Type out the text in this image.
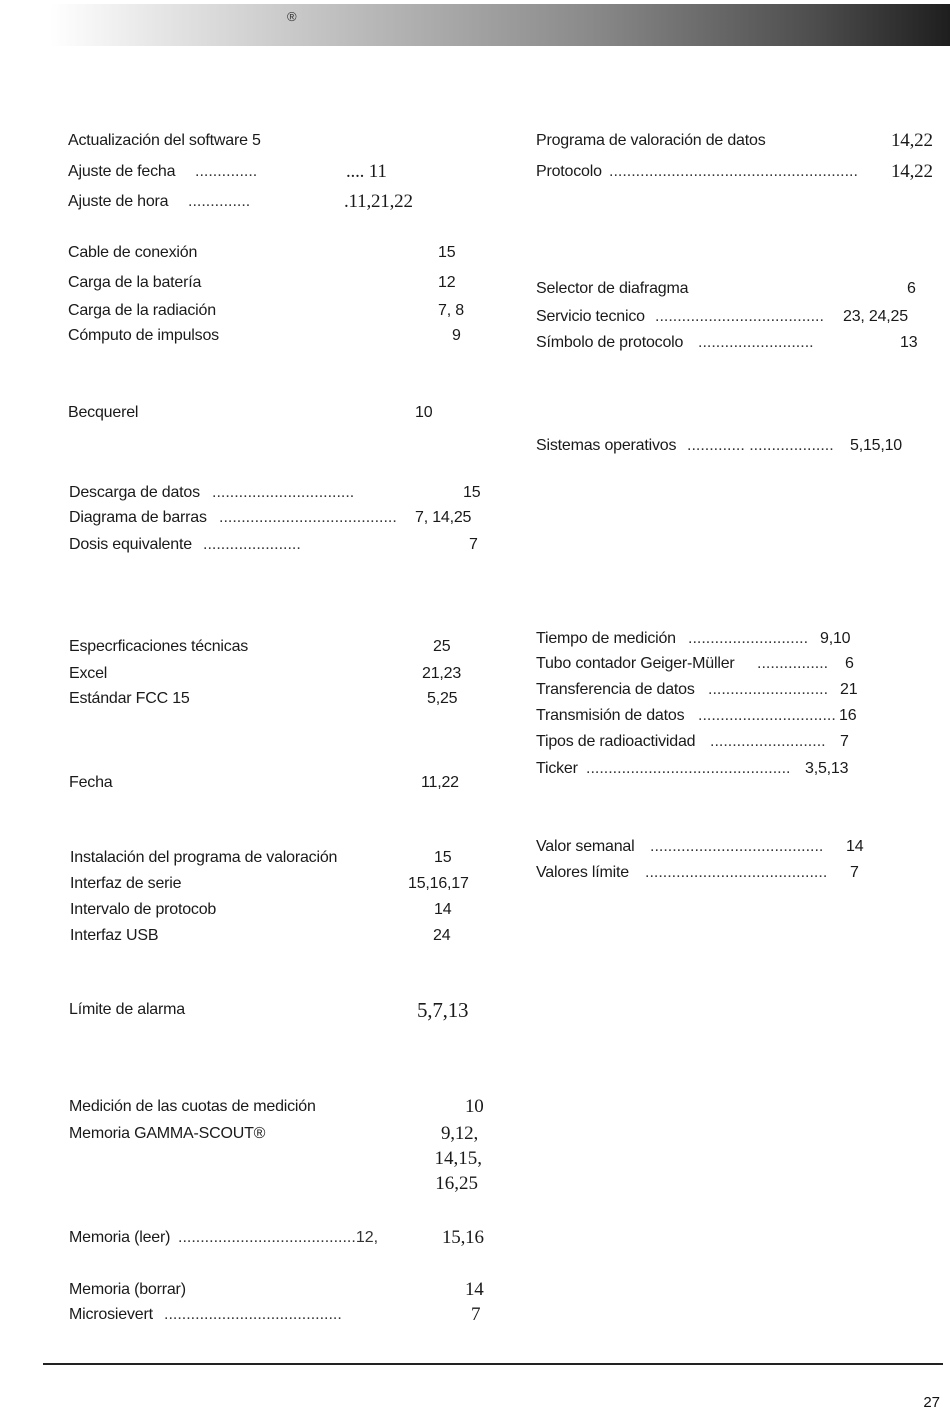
®
Actualización del software 5
Ajuste de fecha ..............	.... 11
Ajuste de hora ..............	.11,21,22
Cable de conexión	15
Carga de la batería	12
Carga de la radiación	7, 8
Cómputo de impulsos	9
Becquerel	10
Descarga de datos ................................	15
Diagrama de barras ........................................	7, 14,25
Dosis equivalente ......................	7
Especrficaciones técnicas	25
Excel	21,23
Estándar FCC 15	5,25
Fecha	11,22
Instalación del programa de valoración	15
Interfaz de serie	15,16,17
Intervalo de protocob	14
Interfaz USB	24
Límite de alarma	5,7,13
Medición de las cuotas de medición	10
Memoria GAMMA-SCOUT®	9,12,
14,15,
16,25
Memoria (leer) ........................................12,	15,16
Memoria (borrar)	14
Microsievert ........................................	7
Programa de valoración de datos	14,22
Protocolo ........................................................	14,22
Selector de diafragma	6
Servicio tecnico ......................................	23, 24,25
Símbolo de protocolo ..........................	13
Sistemas operativos ............. ...................	5,15,10
Tiempo de medición ........................... 9,10
Tubo contador Geiger-Müller ................	6
Transferencia de datos ........................... 21
Transmisión de datos ............................... 16
Tipos de radioactividad .......................... 7
Ticker .............................................. 3,5,13
Valor semanal .......................................	14
Valores límite .........................................	7
27
